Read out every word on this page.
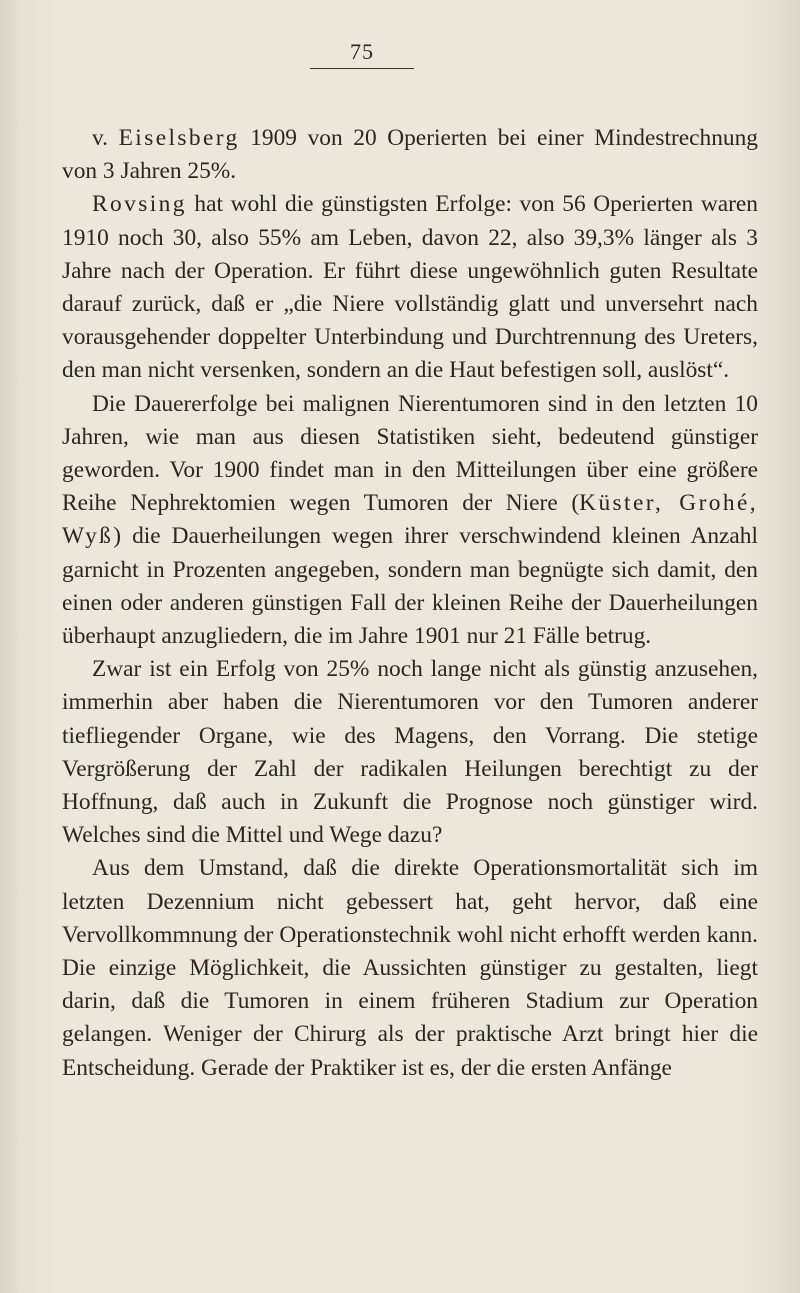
75

v. Eiselsberg 1909 von 20 Operierten bei einer Mindestrechnung von 3 Jahren 25%.

Rovsing hat wohl die günstigsten Erfolge: von 56 Operierten waren 1910 noch 30, also 55% am Leben, davon 22, also 39,3% länger als 3 Jahre nach der Operation. Er führt diese ungewöhnlich guten Resultate darauf zurück, daß er „die Niere vollständig glatt und unversehrt nach vorausgehender doppelter Unterbindung und Durchtrennung des Ureters, den man nicht versenken, sondern an die Haut befestigen soll, auslöst“.

Die Dauererfolge bei malignen Nierentumoren sind in den letzten 10 Jahren, wie man aus diesen Statistiken sieht, bedeutend günstiger geworden. Vor 1900 findet man in den Mitteilungen über eine größere Reihe Nephrektomien wegen Tumoren der Niere (Küster, Grohé, Wyß) die Dauerheilungen wegen ihrer verschwindend kleinen Anzahl garnicht in Prozenten angegeben, sondern man begnügte sich damit, den einen oder anderen günstigen Fall der kleinen Reihe der Dauerheilungen überhaupt anzugliedern, die im Jahre 1901 nur 21 Fälle betrug.

Zwar ist ein Erfolg von 25% noch lange nicht als günstig anzusehen, immerhin aber haben die Nierentumoren vor den Tumoren anderer tiefliegender Organe, wie des Magens, den Vorrang. Die stetige Vergrößerung der Zahl der radikalen Heilungen berechtigt zu der Hoffnung, daß auch in Zukunft die Prognose noch günstiger wird. Welches sind die Mittel und Wege dazu?

Aus dem Umstand, daß die direkte Operationsmortalität sich im letzten Dezennium nicht gebessert hat, geht hervor, daß eine Vervollkommnung der Operationstechnik wohl nicht erhofft werden kann. Die einzige Möglichkeit, die Aussichten günstiger zu gestalten, liegt darin, daß die Tumoren in einem früheren Stadium zur Operation gelangen. Weniger der Chirurg als der praktische Arzt bringt hier die Entscheidung. Gerade der Praktiker ist es, der die ersten Anfänge
